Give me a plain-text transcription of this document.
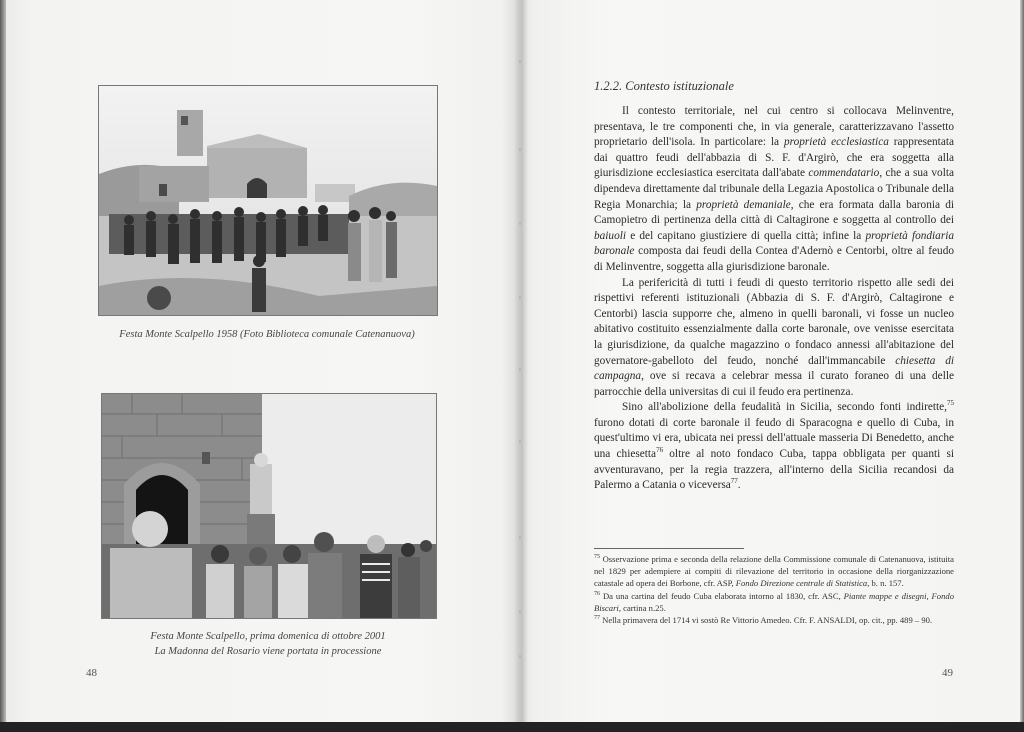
Festa Monte Scalpello 1958 (Foto Biblioteca comunale Catenanuova)
Festa Monte Scalpello, prima domenica di ottobre 2001
La Madonna del Rosario viene portata in processione
48
1.2.2. Contesto istituzionale

Il contesto territoriale, nel cui centro si collocava Melinventre, presentava, le tre componenti che, in via generale, caratterizzavano l'assetto proprietario dell'isola. In particolare: la proprietà ecclesiastica rappresentata dai quattro feudi dell'abbazia di S. F. d'Argirò, che era soggetta alla giurisdizione ecclesiastica esercitata dall'abate commendatario, che a sua volta dipendeva direttamente dal tribunale della Legazia Apostolica o Tribunale della Regia Monarchia; la proprietà demaniale, che era formata dalla baronia di Camopietro di pertinenza della città di Caltagirone e soggetta al controllo dei baiuoli e del capitano giustiziere di quella città; infine la proprietà fondiaria baronale composta dai feudi della Contea d'Adernò e Centorbi, oltre al feudo di Melinventre, soggetta alla giurisdizione baronale.

La perifericità di tutti i feudi di questo territorio rispetto alle sedi dei rispettivi referenti istituzionali (Abbazia di S. F. d'Argirò, Caltagirone e Centorbi) lascia supporre che, almeno in quelli baronali, vi fosse un nucleo abitativo costituito essenzialmente dalla corte baronale, ove venisse esercitata la giurisdizione, da qualche magazzino o fondaco annessi all'abitazione del governatore-gabelloto del feudo, nonché dall'immancabile chiesetta di campagna, ove si recava a celebrar messa il curato foraneo di una delle parrocchie della universitas di cui il feudo era pertinenza.

Sino all'abolizione della feudalità in Sicilia, secondo fonti indirette,$^{75}$ furono dotati di corte baronale il feudo di Sparacogna e quello di Cuba, in quest'ultimo vi era, ubicata nei pressi dell'attuale masseria Di Benedetto, anche una chiesetta$^{76}$ oltre al noto fondaco Cuba, tappa obbligata per quanti si avventuravano, per la regia trazzera, all'interno della Sicilia recandosi da Palermo a Catania o viceversa$^{77}$.

$^{75}$ Osservazione prima e seconda della relazione della Commissione comunale di Catenanuova, istituita nel 1829 per adempiere ai compiti di rilevazione del territorio in occasione della riorganizzazione catastale ad opera dei Borbone, cfr. ASP, Fondo Direzione centrale di Statistica, b. n. 157.

$^{76}$ Da una cartina del feudo Cuba elaborata intorno al 1830, cfr. ASC, Piante mappe e disegni, Fondo Biscari, cartina n.25.

$^{77}$ Nella primavera del 1714 vi sostò Re Vittorio Amedeo. Cfr. F. ANSALDI, op. cit., pp. 489 – 90.

49
